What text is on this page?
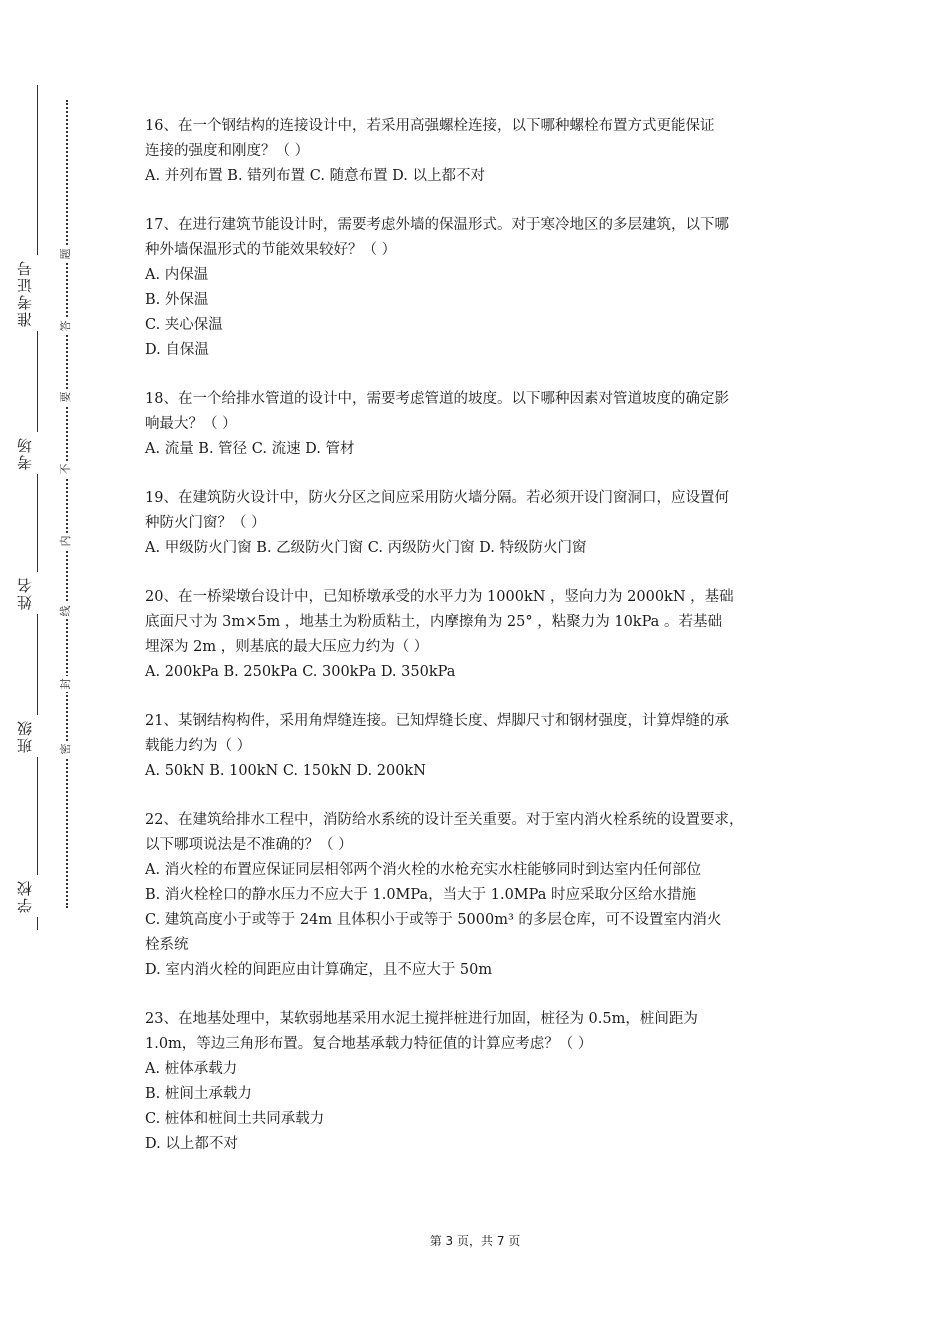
学校
班级
姓名
考场
准考证号
密
封
线
内
不
要
答
题
16、在一个钢结构的连接设计中，若采用高强螺栓连接，以下哪种螺栓布置方式更能保证
连接的强度和刚度？（ ）
A. 并列布置 B. 错列布置 C. 随意布置 D. 以上都不对
17、在进行建筑节能设计时，需要考虑外墙的保温形式。对于寒冷地区的多层建筑，以下哪
种外墙保温形式的节能效果较好？（ ）
A. 内保温
B. 外保温
C. 夹心保温
D. 自保温
18、在一个给排水管道的设计中，需要考虑管道的坡度。以下哪种因素对管道坡度的确定影
响最大？（ ）
A. 流量 B. 管径 C. 流速 D. 管材
19、在建筑防火设计中，防火分区之间应采用防火墙分隔。若必须开设门窗洞口，应设置何
种防火门窗？（ ）
A. 甲级防火门窗 B. 乙级防火门窗 C. 丙级防火门窗 D. 特级防火门窗
20、在一桥梁墩台设计中，已知桥墩承受的水平力为 1000kN ，竖向力为 2000kN ，基础
底面尺寸为 3m×5m ，地基土为粉质粘土，内摩擦角为 25° ，粘聚力为 10kPa 。若基础
埋深为 2m ，则基底的最大压应力约为（ ）
A. 200kPa B. 250kPa C. 300kPa D. 350kPa
21、某钢结构构件，采用角焊缝连接。已知焊缝长度、焊脚尺寸和钢材强度，计算焊缝的承
载能力约为（ ）
A. 50kN B. 100kN C. 150kN D. 200kN
22、在建筑给排水工程中，消防给水系统的设计至关重要。对于室内消火栓系统的设置要求，
以下哪项说法是不准确的？（ ）
A. 消火栓的布置应保证同层相邻两个消火栓的水枪充实水柱能够同时到达室内任何部位
B. 消火栓栓口的静水压力不应大于 1.0MPa，当大于 1.0MPa 时应采取分区给水措施
C. 建筑高度小于或等于 24m 且体积小于或等于 5000m³ 的多层仓库，可不设置室内消火
栓系统
D. 室内消火栓的间距应由计算确定，且不应大于 50m
23、在地基处理中，某软弱地基采用水泥土搅拌桩进行加固，桩径为 0.5m，桩间距为
1.0m，等边三角形布置。复合地基承载力特征值的计算应考虑？（ ）
A. 桩体承载力
B. 桩间土承载力
C. 桩体和桩间土共同承载力
D. 以上都不对
第 3 页，共 7 页
